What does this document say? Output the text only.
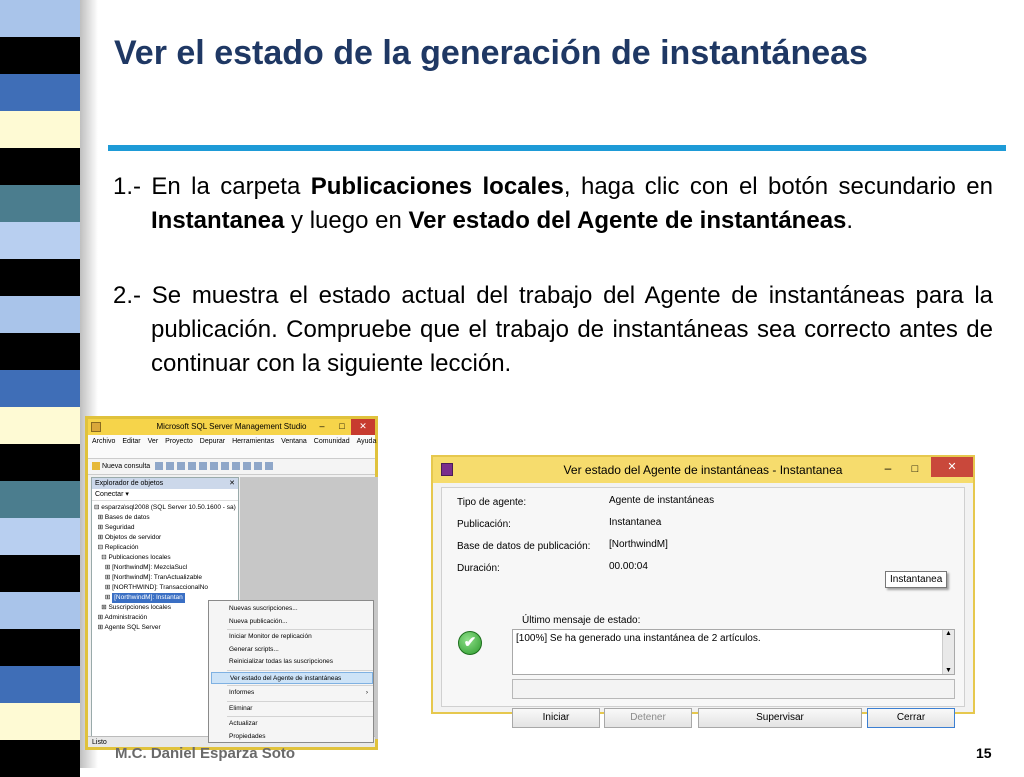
Ver el estado de la generación de instantáneas
1.- En la carpeta Publicaciones locales, haga clic con el botón secundario en Instantanea y luego en Ver estado del Agente de instantáneas.
2.- Se muestra el estado actual del trabajo del Agente de instantáneas para la publicación. Compruebe que el trabajo de instantáneas sea correcto antes de continuar con la siguiente lección.
Microsoft SQL Server Management Studio	–	□	✕
Archivo Editar Ver Proyecto Depurar Herramientas Ventana Comunidad Ayuda
Nueva consulta
Explorador de objetos	✕
Conectar ▾
⊟ esparza\sql2008 (SQL Server 10.50.1600 - sa)
⊞ Bases de datos
⊞ Seguridad
⊞ Objetos de servidor
⊟ Replicación
⊟ Publicaciones locales
⊞ [NorthwindM]: MezclaSucl
⊞ [NorthwindM]: TranActualizable
⊞ [NORTHWIND]: TransaccionalNo
⊞ [NorthwindM]: Instantan
⊞ Suscripciones locales
⊞ Administración
⊞ Agente SQL Server
Listo
Nuevas suscripciones...
Nueva publicación...
Iniciar Monitor de replicación
Generar scripts...
Reinicializar todas las suscripciones
Ver estado del Agente de instantáneas
Informes	›
Eliminar
Actualizar
Propiedades
Ver estado del Agente de instantáneas - Instantanea	–	□	✕
Tipo de agente:	Agente de instantáneas
Publicación:	Instantanea
Base de datos de publicación: [NorthwindM]
Duración:	00.00:04
Instantanea
Último mensaje de estado:
✔	[100%] Se ha generado una instantánea de 2 artículos.	▲
▼
Iniciar	Detener	Supervisar	Cerrar
M.C. Daniel Esparza Soto	15
